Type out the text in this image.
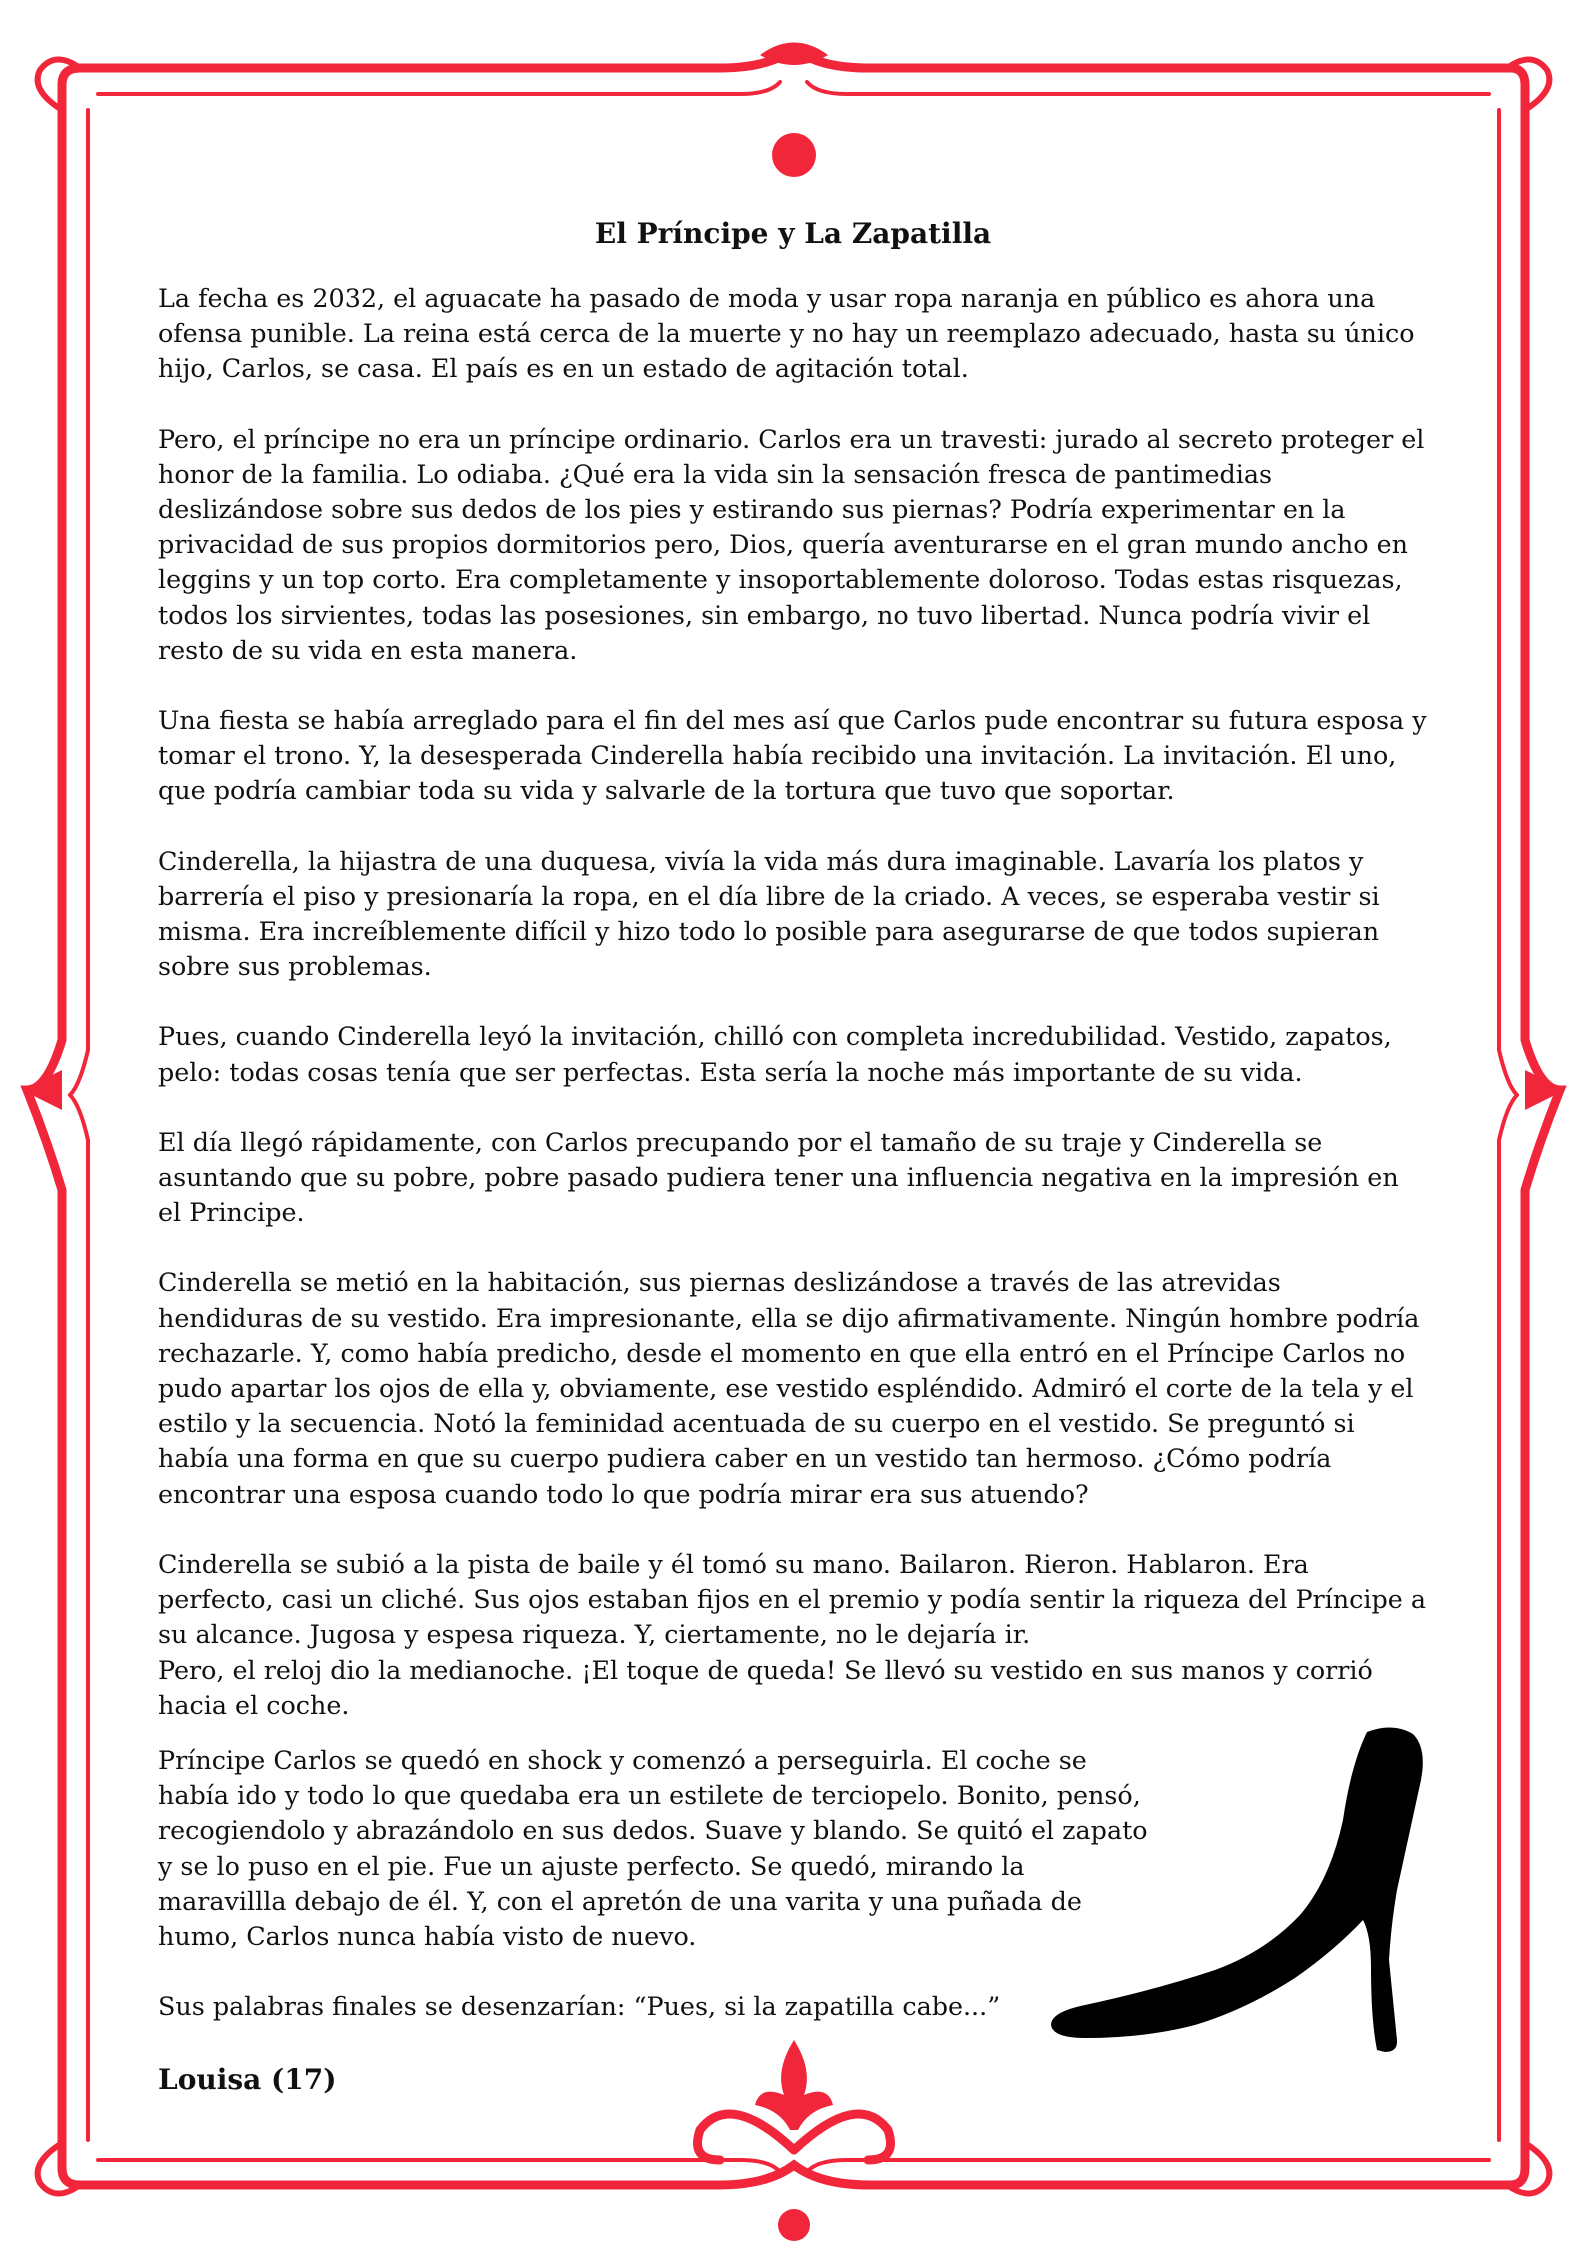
El Príncipe y La Zapatilla

La fecha es 2032, el aguacate ha pasado de moda y usar ropa naranja en público es ahora una ofensa punible. La reina está cerca de la muerte y no hay un reemplazo adecuado, hasta su único hijo, Carlos, se casa. El país es en un estado de agitación total.

Pero, el príncipe no era un príncipe ordinario. Carlos era un travesti: jurado al secreto proteger el honor de la familia. Lo odiaba. ¿Qué era la vida sin la sensación fresca de pantimedias deslizándose sobre sus dedos de los pies y estirando sus piernas? Podría experimentar en la privacidad de sus propios dormitorios pero, Dios, quería aventurarse en el gran mundo ancho en leggins y un top corto. Era completamente y insoportablemente doloroso. Todas estas risquezas, todos los sirvientes, todas las posesiones, sin embargo, no tuvo libertad. Nunca podría vivir el resto de su vida en esta manera.

Una fiesta se había arreglado para el fin del mes así que Carlos pude encontrar su futura esposa y tomar el trono. Y, la desesperada Cinderella había recibido una invitación. La invitación. El uno, que podría cambiar toda su vida y salvarle de la tortura que tuvo que soportar.

Cinderella, la hijastra de una duquesa, vivía la vida más dura imaginable. Lavaría los platos y barrería el piso y presionaría la ropa, en el día libre de la criado. A veces, se esperaba vestir si misma. Era increíblemente difícil y hizo todo lo posible para asegurarse de que todos supieran sobre sus problemas.

Pues, cuando Cinderella leyó la invitación, chilló con completa incredubilidad. Vestido, zapatos, pelo: todas cosas tenía que ser perfectas. Esta sería la noche más importante de su vida.

El día llegó rápidamente, con Carlos precupando por el tamaño de su traje y Cinderella se asuntando que su pobre, pobre pasado pudiera tener una influencia negativa en la impresión en el Principe.

Cinderella se metió en la habitación, sus piernas deslizándose a través de las atrevidas hendiduras de su vestido. Era impresionante, ella se dijo afirmativamente. Ningún hombre podría rechazarle. Y, como había predicho, desde el momento en que ella entró en el Príncipe Carlos no pudo apartar los ojos de ella y, obviamente, ese vestido espléndido. Admiró el corte de la tela y el estilo y la secuencia. Notó la feminidad acentuada de su cuerpo en el vestido. Se preguntó si había una forma en que su cuerpo pudiera caber en un vestido tan hermoso. ¿Cómo podría encontrar una esposa cuando todo lo que podría mirar era sus atuendo?

Cinderella se subió a la pista de baile y él tomó su mano. Bailaron. Rieron. Hablaron. Era perfecto, casi un cliché. Sus ojos estaban fijos en el premio y podía sentir la riqueza del Príncipe a su alcance. Jugosa y espesa riqueza. Y, ciertamente, no le dejaría ir.

Pero, el reloj dio la medianoche. ¡El toque de queda! Se llevó su vestido en sus manos y corrió hacia el coche.

Príncipe Carlos se quedó en shock y comenzó a perseguirla. El coche se había ido y todo lo que quedaba era un estilete de terciopelo. Bonito, pensó, recogiendolo y abrazándolo en sus dedos. Suave y blando. Se quitó el zapato y se lo puso en el pie. Fue un ajuste perfecto. Se quedó, mirando la maravillla debajo de él. Y, con el apretón de una varita y una puñada de humo, Carlos nunca había visto de nuevo.

Sus palabras finales se desenzarían: “Pues, si la zapatilla cabe...”

Louisa (17)
